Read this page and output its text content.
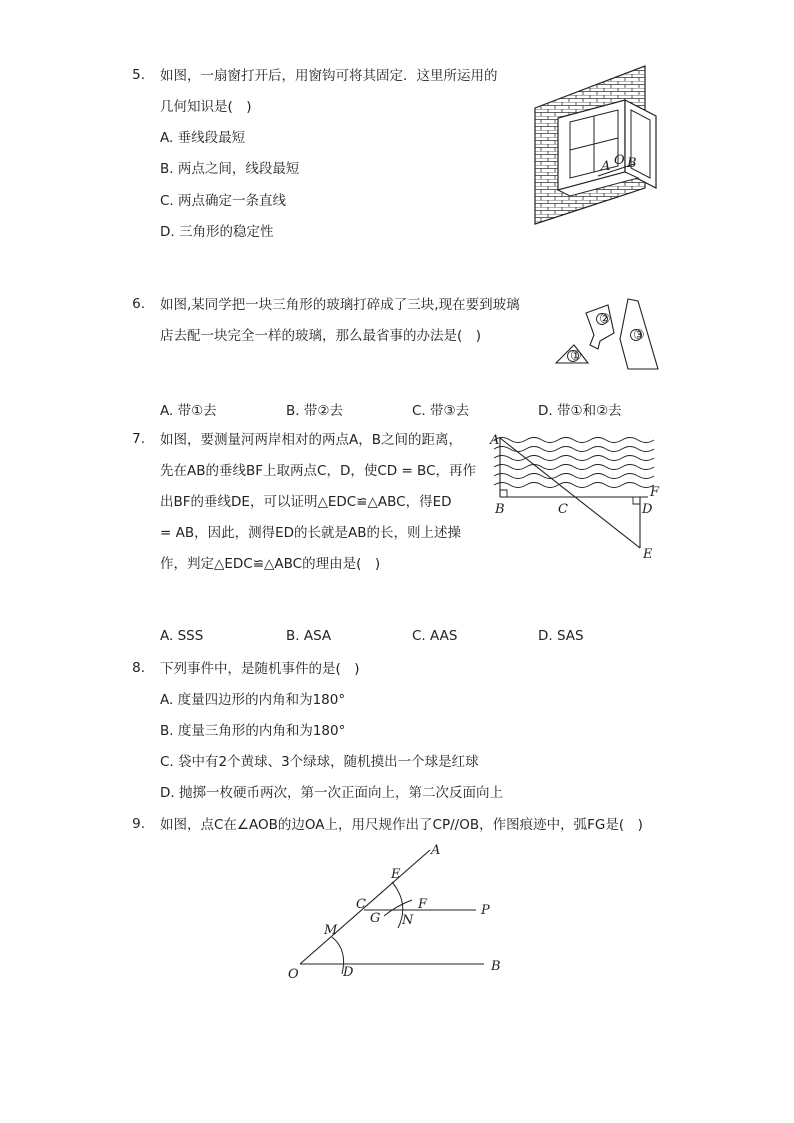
5. 如图，一扇窗打开后，用窗钩可将其固定．这里所运用的
几何知识是(　)
A. 垂线段最短
B. 两点之间，线段最短
C. 两点确定一条直线
D. 三角形的稳定性
A O B
6. 如图,某同学把一块三角形的玻璃打碎成了三块,现在要到玻璃
店去配一块完全一样的玻璃，那么最省事的办法是(　)
①
②
③
A. 带①去	B. 带②去	C. 带③去	D. 带①和②去
7. 如图，要测量河两岸相对的两点A，B之间的距离，
先在AB的垂线BF上取两点C，D，使CD = BC，再作
出BF的垂线DE，可以证明△EDC≌△ABC，得ED
= AB，因此，测得ED的长就是AB的长，则上述操
作，判定△EDC≌△ABC的理由是(　)
A
B	C	D
E
F
A. SSS	B. ASA	C. AAS	D. SAS
8. 下列事件中，是随机事件的是(　)
A. 度量四边形的内角和为180°
B. 度量三角形的内角和为180°
C. 袋中有2个黄球、3个绿球，随机摸出一个球是红球
D. 抛掷一枚硬币两次，第一次正面向上，第二次反面向上
9. 如图，点C在∠AOB的边OA上，用尺规作出了CP//OB，作图痕迹中，弧FG是(　)
O	D
M
C
E
G
F
N
A
P
B
